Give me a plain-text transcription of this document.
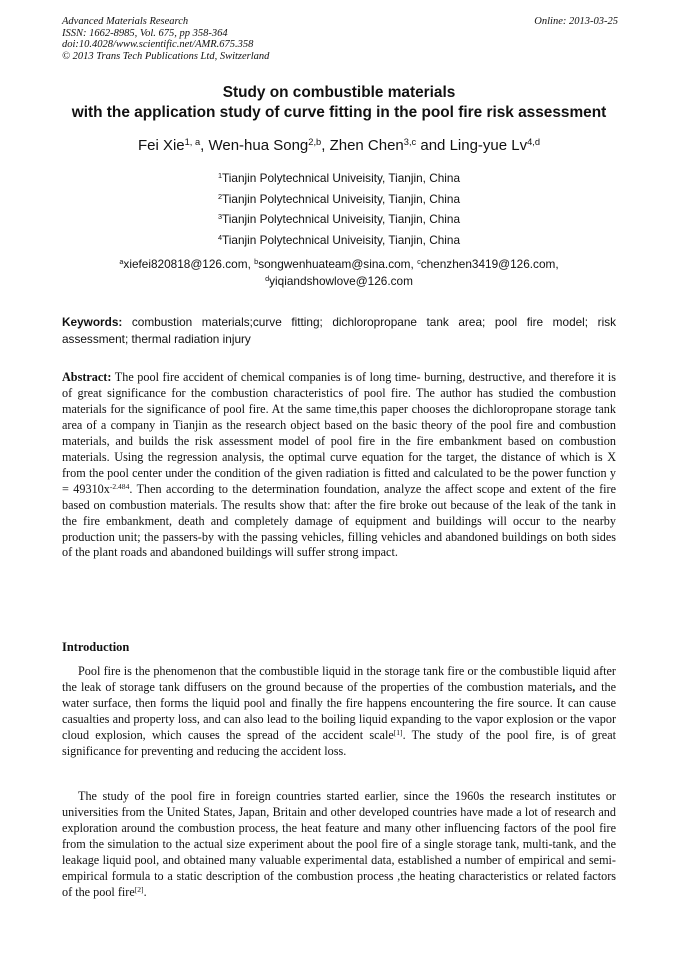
Advanced Materials Research
ISSN: 1662-8985, Vol. 675, pp 358-364
doi:10.4028/www.scientific.net/AMR.675.358
© 2013 Trans Tech Publications Ltd, Switzerland
Online: 2013-03-25
Study on combustible materials
with the application study of curve fitting in the pool fire risk assessment
Fei Xie$^{1, a}$, Wen-hua Song$^{2,b}$, Zhen Chen$^{3,c}$ and Ling-yue Lv$^{4,d}$
$^1$Tianjin Polytechnical Univeisity, Tianjin, China
$^2$Tianjin Polytechnical Univeisity, Tianjin, China
$^3$Tianjin Polytechnical Univeisity, Tianjin, China
$^4$Tianjin Polytechnical Univeisity, Tianjin, China
$^a$xiefei820818@126.com, $^b$songwenhuateam@sina.com, $^c$chenzhen3419@126.com,
$^d$yiqiandshowlove@126.com
Keywords: combustion materials;curve fitting; dichloropropane tank area; pool fire model; risk assessment; thermal radiation injury

Abstract: The pool fire accident of chemical companies is of long time- burning, destructive, and therefore it is of great significance for the combustion characteristics of pool fire. The author has studied the combustion materials for the significance of pool fire. At the same time,this paper chooses the dichloropropane storage tank area of a company in Tianjin as the research object based on the basic theory of the pool fire and combustion materials, and builds the risk assessment model of pool fire in the fire embankment based on combustion materials. Using the regression analysis, the optimal curve equation for the target, the distance of which is X from the pool center under the condition of the given radiation is fitted and calculated to be the power function $y = 49310x^{-2.484}$. Then according to the determination foundation, analyze the affect scope and extent of the fire based on combustion materials. The results show that: after the fire broke out because of the leak of the tank in the fire embankment, death and completely damage of equipment and buildings will occur to the nearby production unit; the passers-by with the passing vehicles, filling vehicles and abandoned buildings on both sides of the plant roads and abandoned buildings will suffer strong impact.

Introduction

Pool fire is the phenomenon that the combustible liquid in the storage tank fire or the combustible liquid after the leak of storage tank diffusers on the ground because of the properties of the combustion materials, and the water surface, then forms the liquid pool and finally the fire happens encountering the fire source. It can cause casualties and property loss, and can also lead to the boiling liquid expanding to the vapor explosion or the vapor cloud explosion, which causes the spread of the accident scale[1]. The study of the pool fire, is of great significance for preventing and reducing the accident loss.

The study of the pool fire in foreign countries started earlier, since the 1960s the research institutes or universities from the United States, Japan, Britain and other developed countries have made a lot of research and exploration around the combustion process, the heat feature and many other influencing factors of the pool fire from the simulation to the actual size experiment about the pool fire of a single storage tank, multi-tank, and the leakage liquid pool, and obtained many valuable experimental data, established a number of empirical and semi-empirical formula to a static description of the combustion process ,the heating characteristics or related factors of the pool fire[2].
